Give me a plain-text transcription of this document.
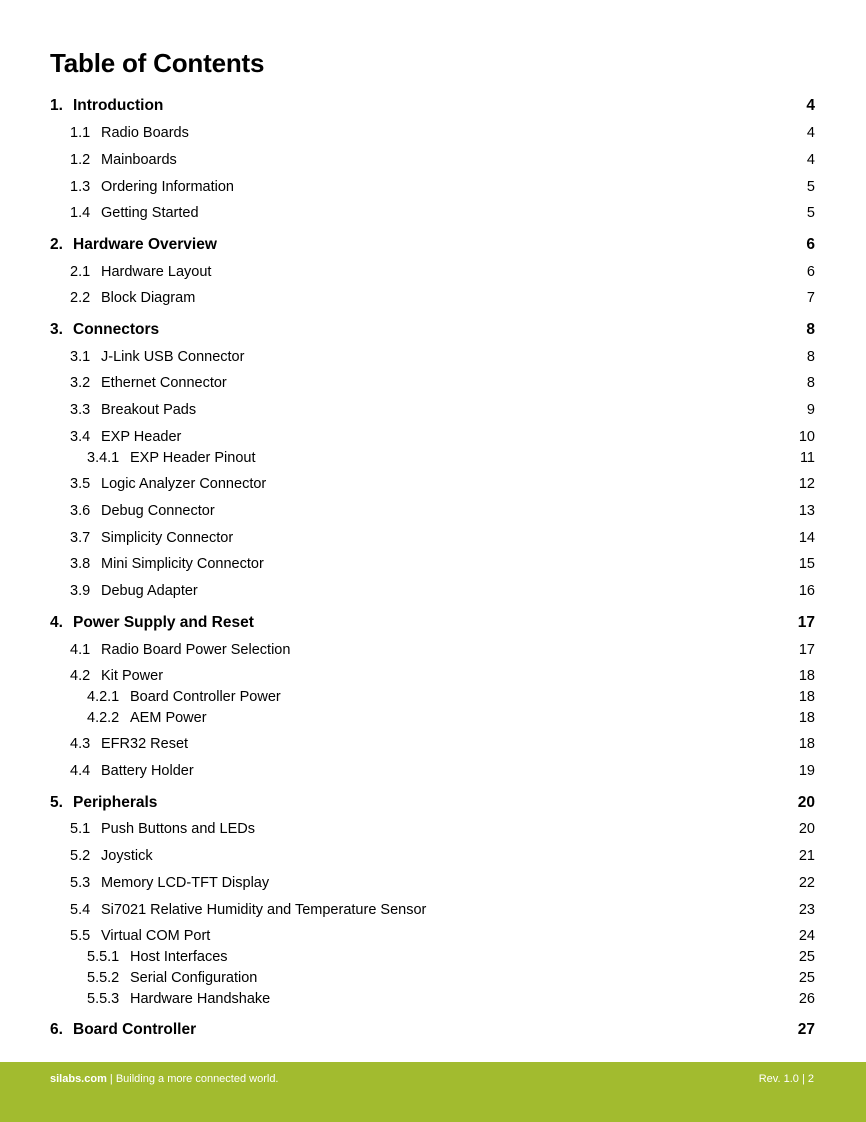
Table of Contents
1. Introduction	4
1.1 Radio Boards	4
1.2 Mainboards	4
1.3 Ordering Information	5
1.4 Getting Started	5
2. Hardware Overview	6
2.1 Hardware Layout	6
2.2 Block Diagram	7
3. Connectors	8
3.1 J-Link USB Connector	8
3.2 Ethernet Connector	8
3.3 Breakout Pads	9
3.4 EXP Header	10
3.4.1 EXP Header Pinout	11
3.5 Logic Analyzer Connector	12
3.6 Debug Connector	13
3.7 Simplicity Connector	14
3.8 Mini Simplicity Connector	15
3.9 Debug Adapter	16
4. Power Supply and Reset	17
4.1 Radio Board Power Selection	17
4.2 Kit Power	18
4.2.1 Board Controller Power	18
4.2.2 AEM Power	18
4.3 EFR32 Reset	18
4.4 Battery Holder	19
5. Peripherals	20
5.1 Push Buttons and LEDs	20
5.2 Joystick	21
5.3 Memory LCD-TFT Display	22
5.4 Si7021 Relative Humidity and Temperature Sensor	23
5.5 Virtual COM Port	24
5.5.1 Host Interfaces	25
5.5.2 Serial Configuration	25
5.5.3 Hardware Handshake	26
6. Board Controller	27
silabs.com | Building a more connected world.	Rev. 1.0 | 2
